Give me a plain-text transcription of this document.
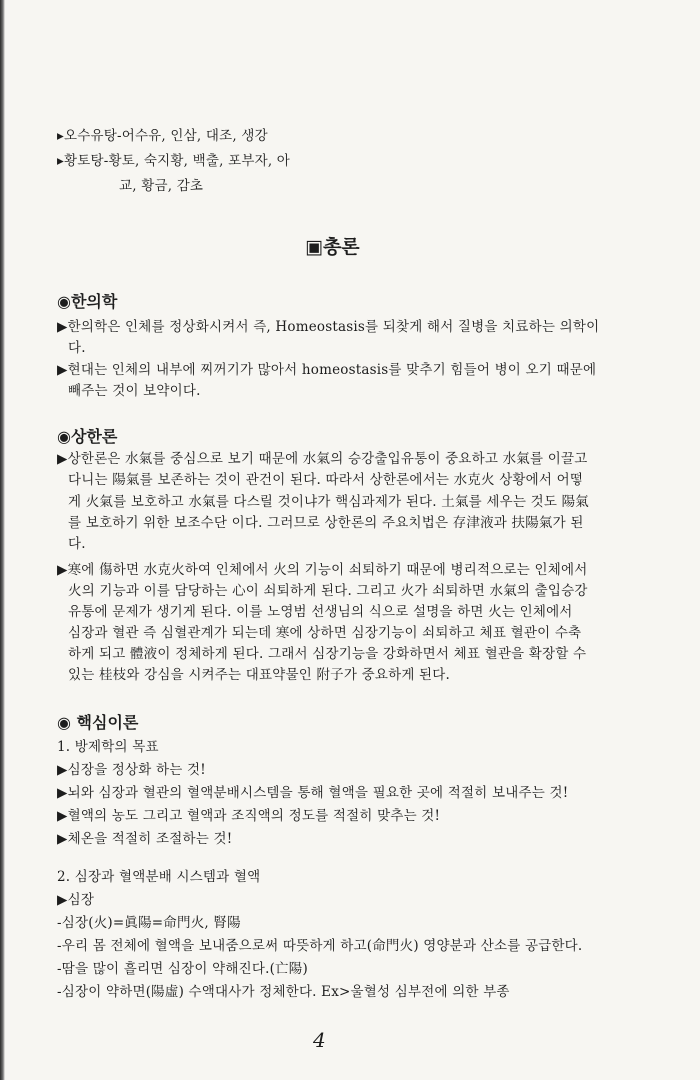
▸오수유탕-어수유, 인삼, 대조, 생강
▸황토탕-황토, 숙지황, 백출, 포부자, 아
교, 황금, 감초
▣총론
◉한의학
▶한의학은 인체를 정상화시켜서 즉, Homeostasis를 되찾게 해서 질병을 치료하는 의학이
다.
▶현대는 인체의 내부에 찌꺼기가 많아서 homeostasis를 맞추기 힘들어 병이 오기 때문에
빼주는 것이 보약이다.
◉상한론
▶상한론은 水氣를 중심으로 보기 때문에 水氣의 승강출입유통이 중요하고 水氣를 이끌고
다니는 陽氣를 보존하는 것이 관건이 된다. 따라서 상한론에서는 水克火 상황에서 어떻
게 火氣를 보호하고 水氣를 다스릴 것이냐가 핵심과제가 된다. 土氣를 세우는 것도 陽氣
를 보호하기 위한 보조수단 이다. 그러므로 상한론의 주요치법은 存津液과 扶陽氣가 된
다.
▶寒에 傷하면 水克火하여 인체에서 火의 기능이 쇠퇴하기 때문에 병리적으로는 인체에서
火의 기능과 이를 담당하는 心이 쇠퇴하게 된다. 그리고 火가 쇠퇴하면 水氣의 출입승강
유통에 문제가 생기게 된다. 이를 노영범 선생님의 식으로 설명을 하면 火는 인체에서
심장과 혈관 즉 심혈관계가 되는데 寒에 상하면 심장기능이 쇠퇴하고 체표 혈관이 수축
하게 되고 體液이 정체하게 된다. 그래서 심장기능을 강화하면서 체표 혈관을 확장할 수
있는 桂枝와 강심을 시켜주는 대표약물인 附子가 중요하게 된다.
◉ 핵심이론
1. 방제학의 목표
▶심장을 정상화 하는 것!
▶뇌와 심장과 혈관의 혈액분배시스템을 통해 혈액을 필요한 곳에 적절히 보내주는 것!
▶혈액의 농도 그리고 혈액과 조직액의 정도를 적절히 맞추는 것!
▶체온을 적절히 조절하는 것!
2. 심장과 혈액분배 시스템과 혈액
▶심장
-심장(火)=眞陽=命門火, 腎陽
-우리 몸 전체에 혈액을 보내줌으로써 따뜻하게 하고(命門火) 영양분과 산소를 공급한다.
-땀을 많이 흘리면 심장이 약해진다.(亡陽)
-심장이 약하면(陽虛) 수액대사가 정체한다. Ex>울혈성 심부전에 의한 부종
4
